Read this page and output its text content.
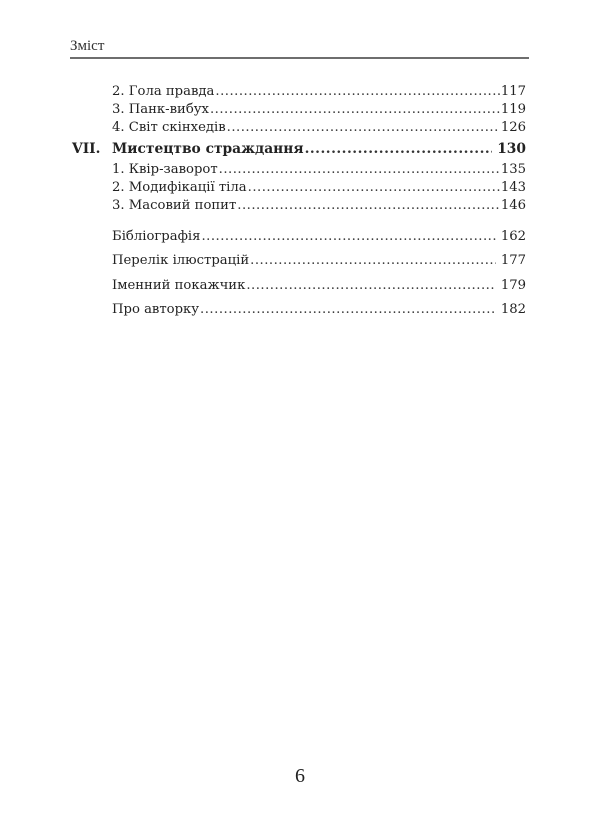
Зміст
2. Гола правда .....	117
3. Панк-вибух .....	119
4. Світ скінхедів .....	126
VII. Мистецтво страждання .....	130
1. Квір-заворот .....	135
2. Модифікації тіла .....	143
3. Масовий попит .....	146
Бібліографія .....	162
Перелік ілюстрацій .....	177
Іменний покажчик .....	179
Про авторку .....	182
6
